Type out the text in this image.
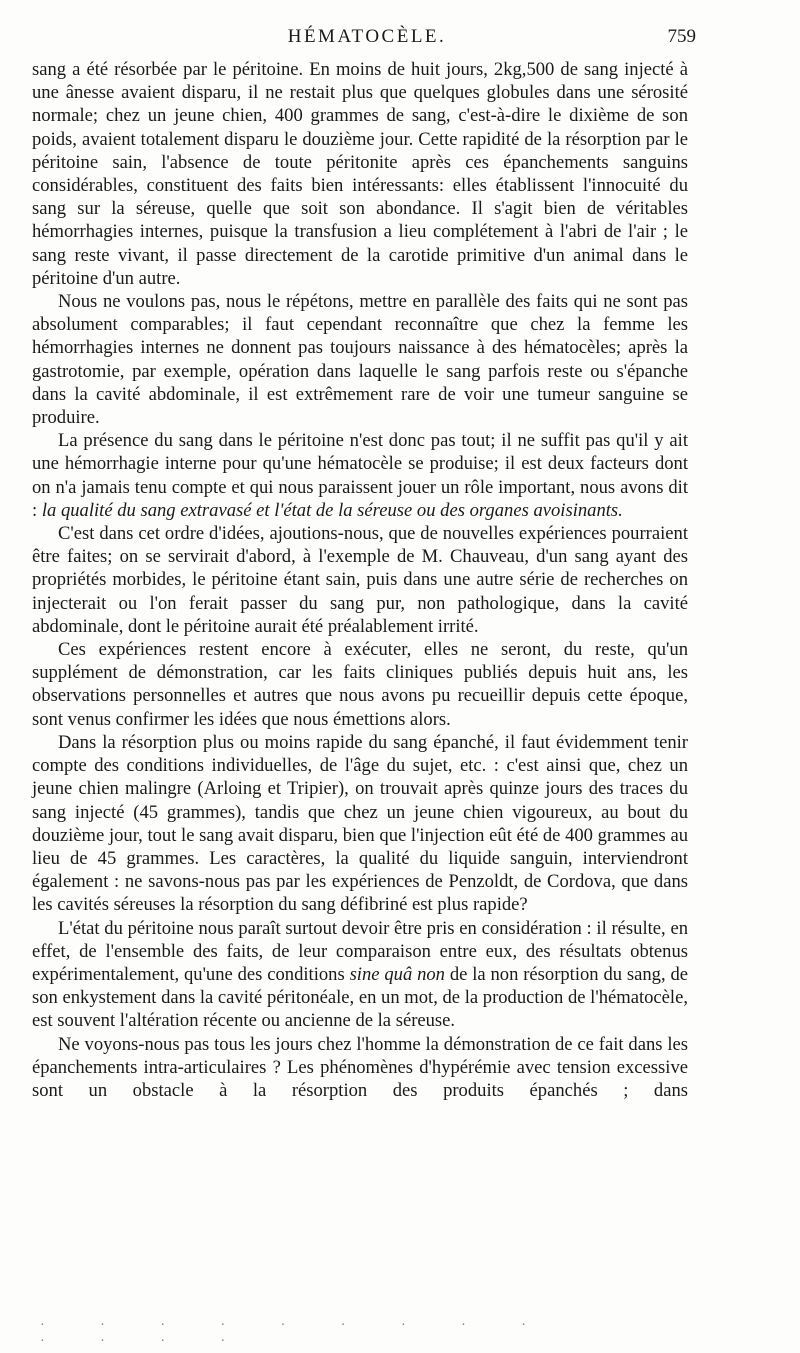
HÉMATOCÈLE.	759

sang a été résorbée par le péritoine. En moins de huit jours, 2kg,500 de sang injecté à une ânesse avaient disparu, il ne restait plus que quelques globules dans une sérosité normale; chez un jeune chien, 400 grammes de sang, c'est-à-dire le dixième de son poids, avaient totalement disparu le douzième jour. Cette rapidité de la résorption par le péritoine sain, l'absence de toute péritonite après ces épanchements sanguins considérables, constituent des faits bien intéressants: elles établissent l'innocuité du sang sur la séreuse, quelle que soit son abondance. Il s'agit bien de véritables hémorrhagies internes, puisque la transfusion a lieu complétement à l'abri de l'air ; le sang reste vivant, il passe directement de la carotide primitive d'un animal dans le péritoine d'un autre.

Nous ne voulons pas, nous le répétons, mettre en parallèle des faits qui ne sont pas absolument comparables; il faut cependant reconnaître que chez la femme les hémorrhagies internes ne donnent pas toujours naissance à des hématocèles; après la gastrotomie, par exemple, opération dans laquelle le sang parfois reste ou s'épanche dans la cavité abdominale, il est extrêmement rare de voir une tumeur sanguine se produire.

La présence du sang dans le péritoine n'est donc pas tout; il ne suffit pas qu'il y ait une hémorrhagie interne pour qu'une hématocèle se produise; il est deux facteurs dont on n'a jamais tenu compte et qui nous paraissent jouer un rôle important, nous avons dit : la qualité du sang extravasé et l'état de la séreuse ou des organes avoisinants.

C'est dans cet ordre d'idées, ajoutions-nous, que de nouvelles expériences pourraient être faites; on se servirait d'abord, à l'exemple de M. Chauveau, d'un sang ayant des propriétés morbides, le péritoine étant sain, puis dans une autre série de recherches on injecterait ou l'on ferait passer du sang pur, non pathologique, dans la cavité abdominale, dont le péritoine aurait été préalablement irrité.

Ces expériences restent encore à exécuter, elles ne seront, du reste, qu'un supplément de démonstration, car les faits cliniques publiés depuis huit ans, les observations personnelles et autres que nous avons pu recueillir depuis cette époque, sont venus confirmer les idées que nous émettions alors.

Dans la résorption plus ou moins rapide du sang épanché, il faut évidemment tenir compte des conditions individuelles, de l'âge du sujet, etc. : c'est ainsi que, chez un jeune chien malingre (Arloing et Tripier), on trouvait après quinze jours des traces du sang injecté (45 grammes), tandis que chez un jeune chien vigoureux, au bout du douzième jour, tout le sang avait disparu, bien que l'injection eût été de 400 grammes au lieu de 45 grammes. Les caractères, la qualité du liquide sanguin, interviendront également : ne savons-nous pas par les expériences de Penzoldt, de Cordova, que dans les cavités séreuses la résorption du sang défibriné est plus rapide?

L'état du péritoine nous paraît surtout devoir être pris en considération : il résulte, en effet, de l'ensemble des faits, de leur comparaison entre eux, des résultats obtenus expérimentalement, qu'une des conditions sine quâ non de la non résorption du sang, de son enkystement dans la cavité péritonéale, en un mot, de la production de l'hématocèle, est souvent l'altération récente ou ancienne de la séreuse.

Ne voyons-nous pas tous les jours chez l'homme la démonstration de ce fait dans les épanchements intra-articulaires ? Les phénomènes d'hypérémie avec tension excessive sont un obstacle à la résorption des produits épanchés ; dans

· · · · · · · · · · · · ·
